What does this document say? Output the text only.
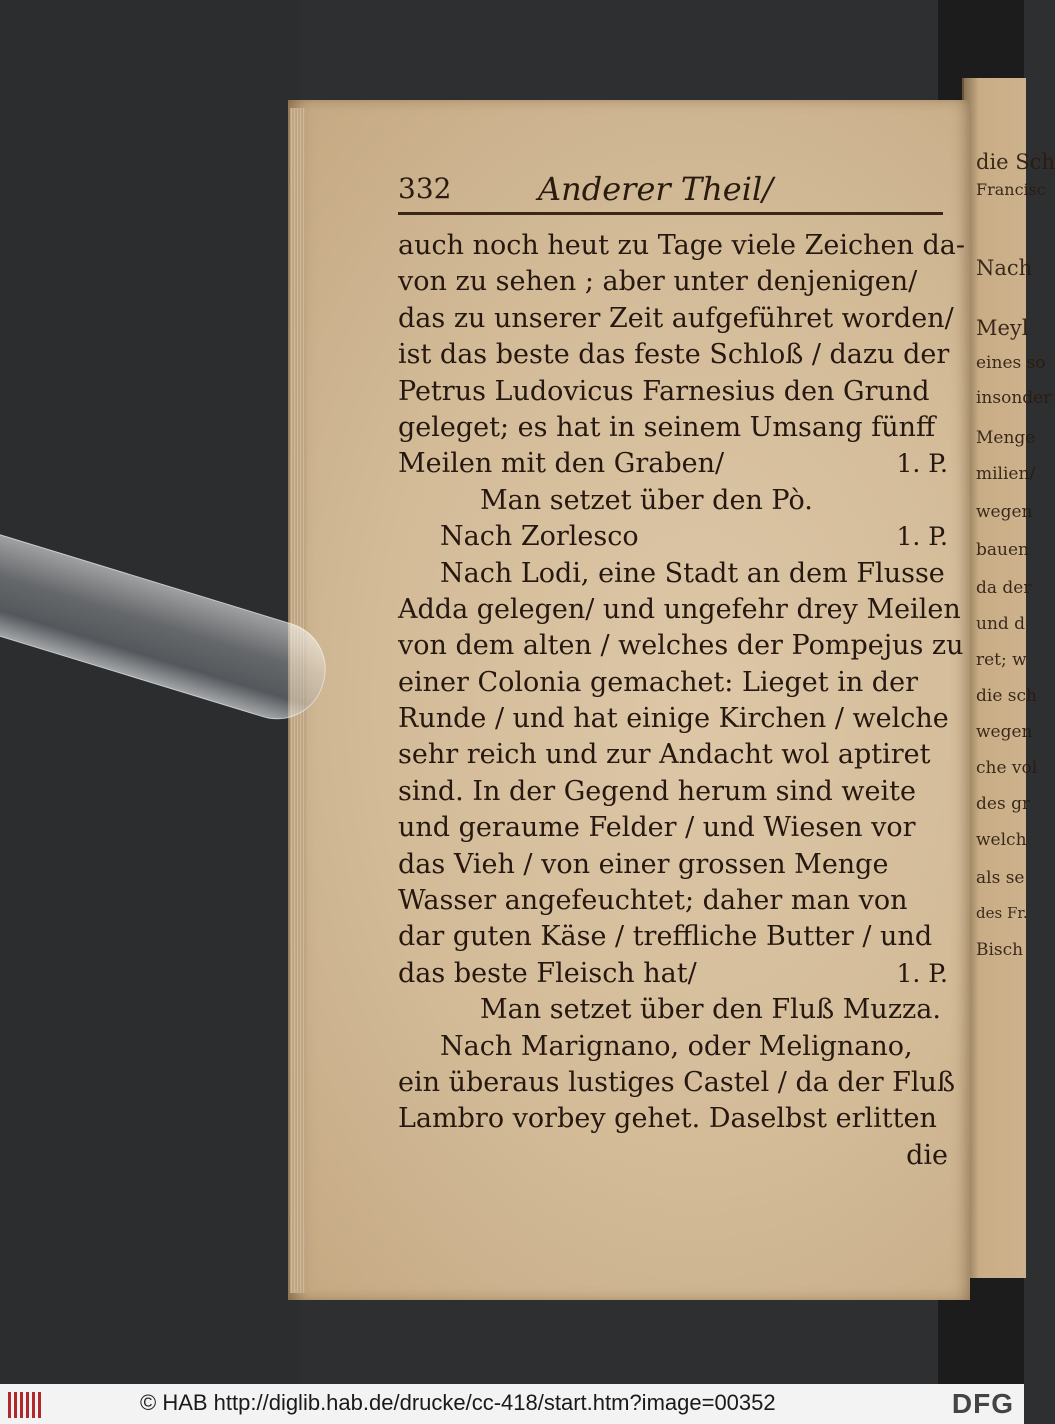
die Sch
Francisc
Nach
Meyl
eines so
insonder
Menge
milien/
wegen
bauen
da der
und d
ret; w
die sch
wegen
che vol
des gr
welch
als se
des Fr.
Bisch
332	Anderer Theil/
auch noch heut zu Tage viele Zeichen da-
von zu sehen ; aber unter denjenigen/
das zu unserer Zeit aufgeführet worden/
ist das beste das feste Schloß / dazu der
Petrus Ludovicus Farnesius den Grund
geleget; es hat in seinem Umsang fünff
Meilen mit den Graben/	1. P.
Man setzet über den Pò.
Nach Zorlesco	1. P.
Nach Lodi, eine Stadt an dem Flusse
Adda gelegen/ und ungefehr drey Meilen
von dem alten / welches der Pompejus zu
einer Colonia gemachet: Lieget in der
Runde / und hat einige Kirchen / welche
sehr reich und zur Andacht wol aptiret
sind. In der Gegend herum sind weite
und geraume Felder / und Wiesen vor
das Vieh / von einer grossen Menge
Wasser angefeuchtet; daher man von
dar guten Käse / treffliche Butter / und
das beste Fleisch hat/	1. P.
Man setzet über den Fluß Muzza.
Nach Marignano, oder Melignano,
ein überaus lustiges Castel / da der Fluß
Lambro vorbey gehet. Daselbst erlitten
die
© HAB http://diglib.hab.de/drucke/cc-418/start.htm?image=00352	DFG
